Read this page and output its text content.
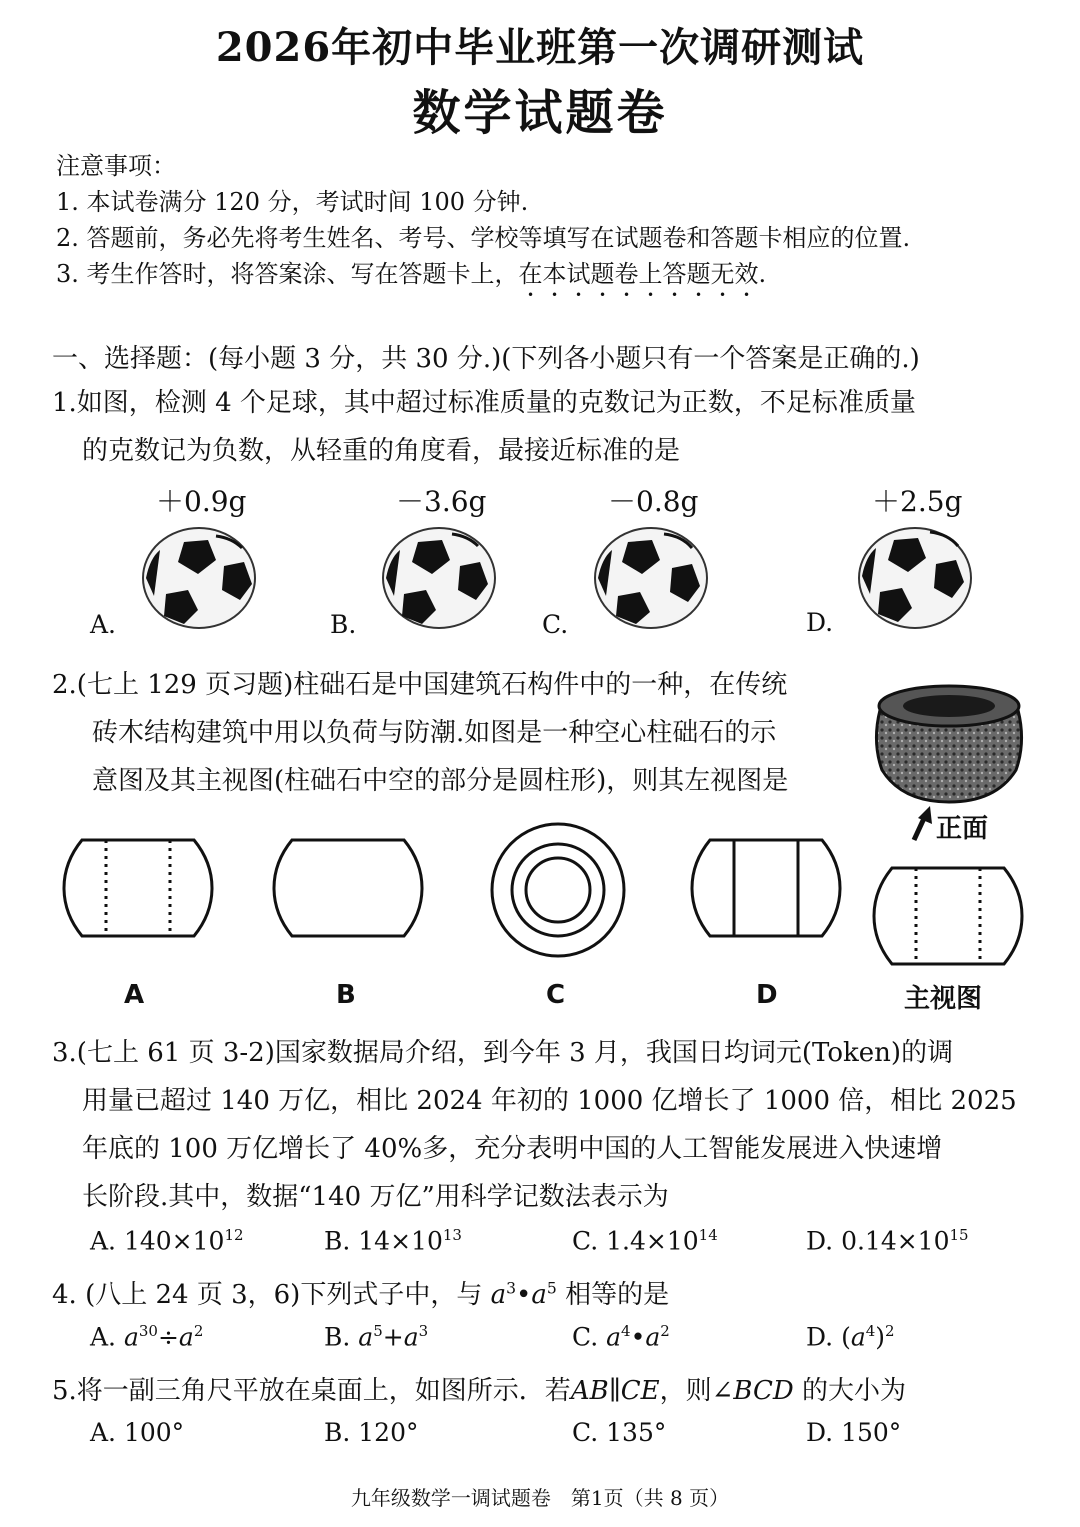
2026年初中毕业班第一次调研测试
数学试题卷
注意事项：
1. 本试卷满分 120 分，考试时间 100 分钟.
2. 答题前，务必先将考生姓名、考号、学校等填写在试题卷和答题卡相应的位置.
3. 考生作答时，将答案涂、写在答题卡上，在本试题卷上答题无效.
一、选择题：(每小题 3 分，共 30 分.)(下列各小题只有一个答案是正确的.)
1.如图，检测 4 个足球，其中超过标准质量的克数记为正数，不足标准质量
的克数记为负数，从轻重的角度看，最接近标准的是
＋0.9g	－3.6g	－0.8g	＋2.5g
A.	B.	C.	D.
2.(七上 129 页习题)柱础石是中国建筑石构件中的一种，在传统
砖木结构建筑中用以负荷与防潮.如图是一种空心柱础石的示
意图及其主视图(柱础石中空的部分是圆柱形)，则其左视图是
正面
A	B	C	D	主视图
3.(七上 61 页 3-2)国家数据局介绍，到今年 3 月，我国日均词元(Token)的调
用量已超过 140 万亿，相比 2024 年初的 1000 亿增长了 1000 倍，相比 2025
年底的 100 万亿增长了 40%多，充分表明中国的人工智能发展进入快速增
长阶段.其中，数据“140 万亿”用科学记数法表示为
A. $140\times 10^{12}$	B. $14\times 10^{13}$	C. $1.4\times 10^{14}$	D. $0.14\times 10^{15}$
4. (八上 24 页 3，6)下列式子中，与 $a^3•a^5$ 相等的是
A. $a^{30}\div a^2$	B. $a^5+a^3$	C. $a^4•a^2$	D. $(a^4)^2$
5.将一副三角尺平放在桌面上，如图所示．若AB∥CE，则∠BCD 的大小为
A. 100°	B. 120°	C. 135°	D. 150°
九年级数学一调试题卷　第1页（共 8 页）
